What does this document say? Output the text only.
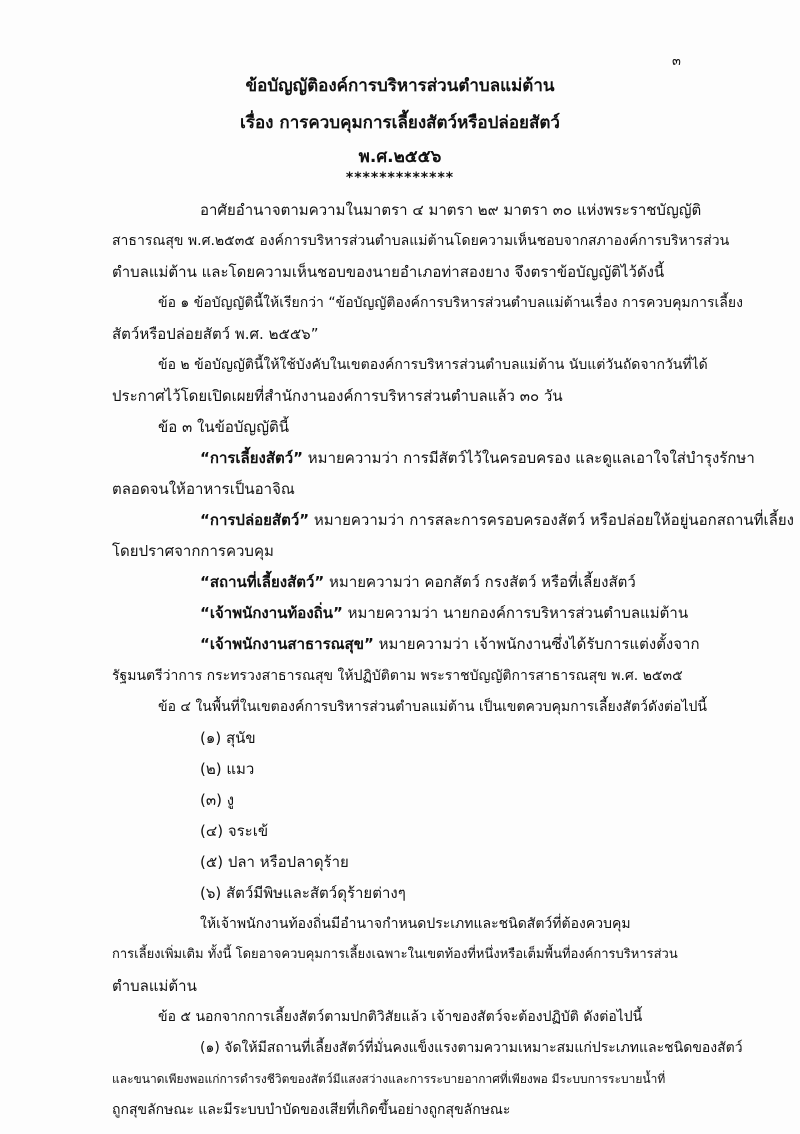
๓
ข้อบัญญัติองค์การบริหารส่วนตำบลแม่ต้าน
เรื่อง การควบคุมการเลี้ยงสัตว์หรือปล่อยสัตว์
พ.ศ.๒๕๕๖
*************
อาศัยอำนาจตามความในมาตรา ๔ มาตรา ๒๙ มาตรา ๓๐ แห่งพระราชบัญญัติ
สาธารณสุข พ.ศ.๒๕๓๕ องค์การบริหารส่วนตำบลแม่ต้านโดยความเห็นชอบจากสภาองค์การบริหารส่วน
ตำบลแม่ต้าน และโดยความเห็นชอบของนายอำเภอท่าสองยาง จึงตราข้อบัญญัติไว้ดังนี้
ข้อ ๑ ข้อบัญญัตินี้ให้เรียกว่า “ข้อบัญญัติองค์การบริหารส่วนตำบลแม่ต้านเรื่อง การควบคุมการเลี้ยง
สัตว์หรือปล่อยสัตว์ พ.ศ. ๒๕๕๖”
ข้อ ๒ ข้อบัญญัตินี้ให้ใช้บังคับในเขตองค์การบริหารส่วนตำบลแม่ต้าน นับแต่วันถัดจากวันที่ได้
ประกาศไว้โดยเปิดเผยที่สำนักงานองค์การบริหารส่วนตำบลแล้ว ๓๐ วัน
ข้อ ๓ ในข้อบัญญัตินี้
“การเลี้ยงสัตว์” หมายความว่า การมีสัตว์ไว้ในครอบครอง และดูแลเอาใจใส่บำรุงรักษา
ตลอดจนให้อาหารเป็นอาจิณ
“การปล่อยสัตว์” หมายความว่า การสละการครอบครองสัตว์ หรือปล่อยให้อยู่นอกสถานที่เลี้ยง
โดยปราศจากการควบคุม
“สถานที่เลี้ยงสัตว์” หมายความว่า คอกสัตว์ กรงสัตว์ หรือที่เลี้ยงสัตว์
“เจ้าพนักงานท้องถิ่น” หมายความว่า นายกองค์การบริหารส่วนตำบลแม่ต้าน
“เจ้าพนักงานสาธารณสุข” หมายความว่า เจ้าพนักงานซึ่งได้รับการแต่งตั้งจาก
รัฐมนตรีว่าการ กระทรวงสาธารณสุข ให้ปฏิบัติตาม พระราชบัญญัติการสาธารณสุข พ.ศ. ๒๕๓๕
ข้อ ๔ ในพื้นที่ในเขตองค์การบริหารส่วนตำบลแม่ต้าน เป็นเขตควบคุมการเลี้ยงสัตว์ดังต่อไปนี้
(๑) สุนัข
(๒) แมว
(๓) งู
(๔) จระเข้
(๕) ปลา หรือปลาดุร้าย
(๖) สัตว์มีพิษและสัตว์ดุร้ายต่างๆ
ให้เจ้าพนักงานท้องถิ่นมีอำนาจกำหนดประเภทและชนิดสัตว์ที่ต้องควบคุม
การเลี้ยงเพิ่มเติม ทั้งนี้ โดยอาจควบคุมการเลี้ยงเฉพาะในเขตท้องที่หนึ่งหรือเต็มพื้นที่องค์การบริหารส่วน
ตำบลแม่ต้าน
ข้อ ๕ นอกจากการเลี้ยงสัตว์ตามปกติวิสัยแล้ว เจ้าของสัตว์จะต้องปฏิบัติ ดังต่อไปนี้
(๑) จัดให้มีสถานที่เลี้ยงสัตว์ที่มั่นคงแข็งแรงตามความเหมาะสมแก่ประเภทและชนิดของสัตว์
และขนาดเพียงพอแก่การดำรงชีวิตของสัตว์มีแสงสว่างและการระบายอากาศที่เพียงพอ มีระบบการระบายน้ำที่
ถูกสุขลักษณะ และมีระบบบำบัดของเสียที่เกิดขึ้นอย่างถูกสุขลักษณะ
